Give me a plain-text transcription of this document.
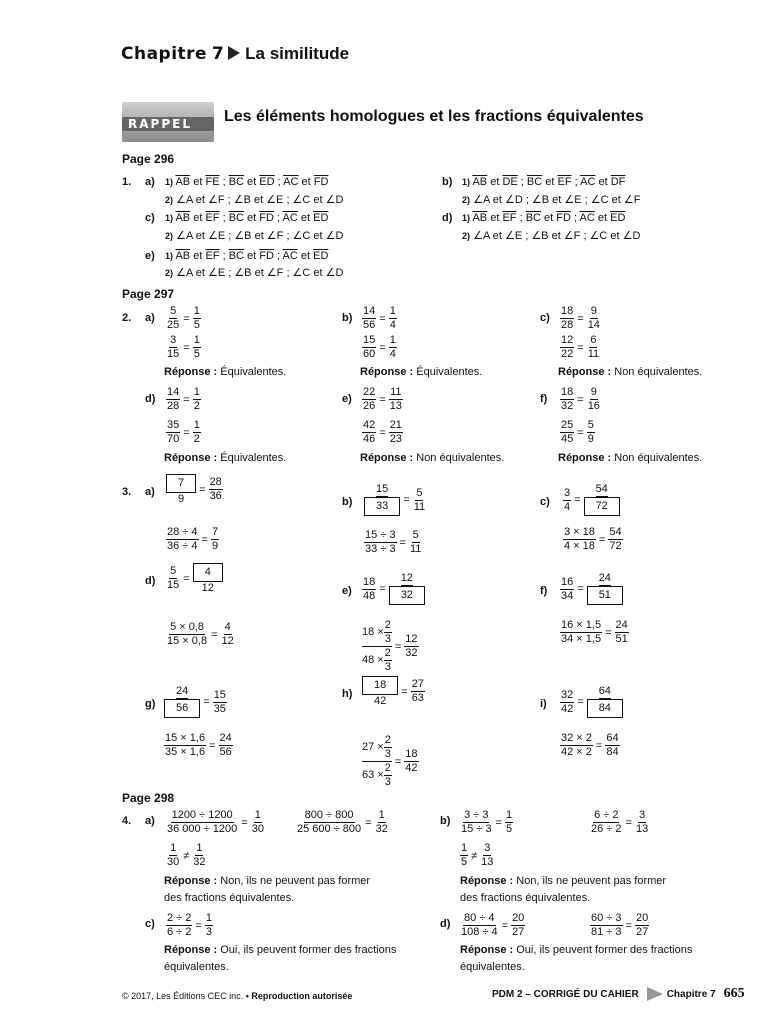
Chapitre 7 La similitude
RAPPEL Les éléments homologues et les fractions équivalentes
Page 296
1. a) 1) $\overline{AB}$ et $\overline{FE}$ ; $\overline{BC}$ et $\overline{ED}$ ; $\overline{AC}$ et $\overline{FD}$
2) ∠A et ∠F ; ∠B et ∠E ; ∠C et ∠D
b) 1) $\overline{AB}$ et $\overline{DE}$ ; $\overline{BC}$ et $\overline{EF}$ ; $\overline{AC}$ et $\overline{DF}$
2) ∠A et ∠D ; ∠B et ∠E ; ∠C et ∠F
c) 1) $\overline{AB}$ et $\overline{EF}$ ; $\overline{BC}$ et $\overline{FD}$ ; $\overline{AC}$ et $\overline{ED}$
2) ∠A et ∠E ; ∠B et ∠F ; ∠C et ∠D
d) 1) $\overline{AB}$ et $\overline{EF}$ ; $\overline{BC}$ et $\overline{FD}$ ; $\overline{AC}$ et $\overline{ED}$
2) ∠A et ∠E ; ∠B et ∠F ; ∠C et ∠D
e) 1) $\overline{AB}$ et $\overline{EF}$ ; $\overline{BC}$ et $\overline{FD}$ ; $\overline{AC}$ et $\overline{ED}$
2) ∠A et ∠E ; ∠B et ∠F ; ∠C et ∠D
Page 297
2. $a) \frac{5}{25} = \frac{1}{5}$
$\frac{3}{15} = \frac{1}{5}$
Réponse : Équivalentes.
$d) \frac{14}{28} = \frac{1}{2}$
$\frac{35}{70} = \frac{1}{2}$
Réponse : Équivalentes.
$b) \frac{14}{56} = \frac{1}{4}$
$\frac{15}{60} = \frac{1}{4}$
Réponse : Équivalentes.
$e) \frac{22}{26} = \frac{11}{13}$
$\frac{42}{46} = \frac{21}{23}$
Réponse : Non équivalentes.
$c) \frac{18}{28} = \frac{9}{14}$
$\frac{12}{22} = \frac{6}{11}$
Réponse : Non équivalentes.
$f) \frac{18}{32} = \frac{9}{16}$
$\frac{25}{45} = \frac{5}{9}$
Réponse : Non équivalentes.
3. $a) \frac{7}{9} = \frac{28}{36}$
$\frac{28 \div 4}{36 \div 4} = \frac{7}{9}$
$b) \frac{15}{33} = \frac{5}{11}$
$\frac{15 \div 3}{33 \div 3} = \frac{5}{11}$
$c) \frac{3}{4} = \frac{54}{72}$
$\frac{3 \times 18}{4 \times 18} = \frac{54}{72}$
$d) \frac{5}{15} = \frac{4}{12}$
$\frac{5 \times 0,8}{15 \times 0,8} = \frac{4}{12}$
$e) \frac{18}{48} = \frac{12}{32}$
$\frac{18 \times \frac{2}{3}}{48 \times \frac{2}{3}} = \frac{12}{32}$
$f) \frac{16}{34} = \frac{24}{51}$
$\frac{16 \times 1,5}{34 \times 1,5} = \frac{24}{51}$
$g) \frac{24}{56} = \frac{15}{35}$
$\frac{15 \times 1,6}{35 \times 1,6} = \frac{24}{56}$
$h) \frac{18}{42} = \frac{27}{63}$
$\frac{27 \times \frac{2}{3}}{63 \times \frac{2}{3}} = \frac{18}{42}$
$i) \frac{32}{42} = \frac{64}{84}$
$\frac{32 \times 2}{42 \times 2} = \frac{64}{84}$
Page 298
4. $a) \frac{1200 \div 1200}{36 000 \div 1200} = \frac{1}{30}$	$\frac{800 \div 800}{25 600 \div 800} = \frac{1}{32}$
1
30
≠
1
32
Réponse : Non, ils ne peuvent pas former
des fractions équivalentes.
$b) \frac{3 \div 3}{15 \div 3} = \frac{1}{5}$	$\frac{6 \div 2}{26 \div 2} = \frac{3}{13}$
1
5
≠
3
13
Réponse : Non, ils ne peuvent pas former
des fractions équivalentes.
$c) \frac{2 \div 2}{6 \div 2} = \frac{1}{3}$
Réponse : Oui, ils peuvent former des fractions
équivalentes.
$d) \frac{80 \div 4}{108 \div 4} = \frac{20}{27}$	$\frac{60 \div 3}{81 \div 3} = \frac{20}{27}$
Réponse : Oui, ils peuvent former des fractions
équivalentes.
© 2017, Les Éditions CEC inc. • Reproduction autorisée	PDM 2 – CORRIGÉ DU CAHIER	Chapitre 7 665
